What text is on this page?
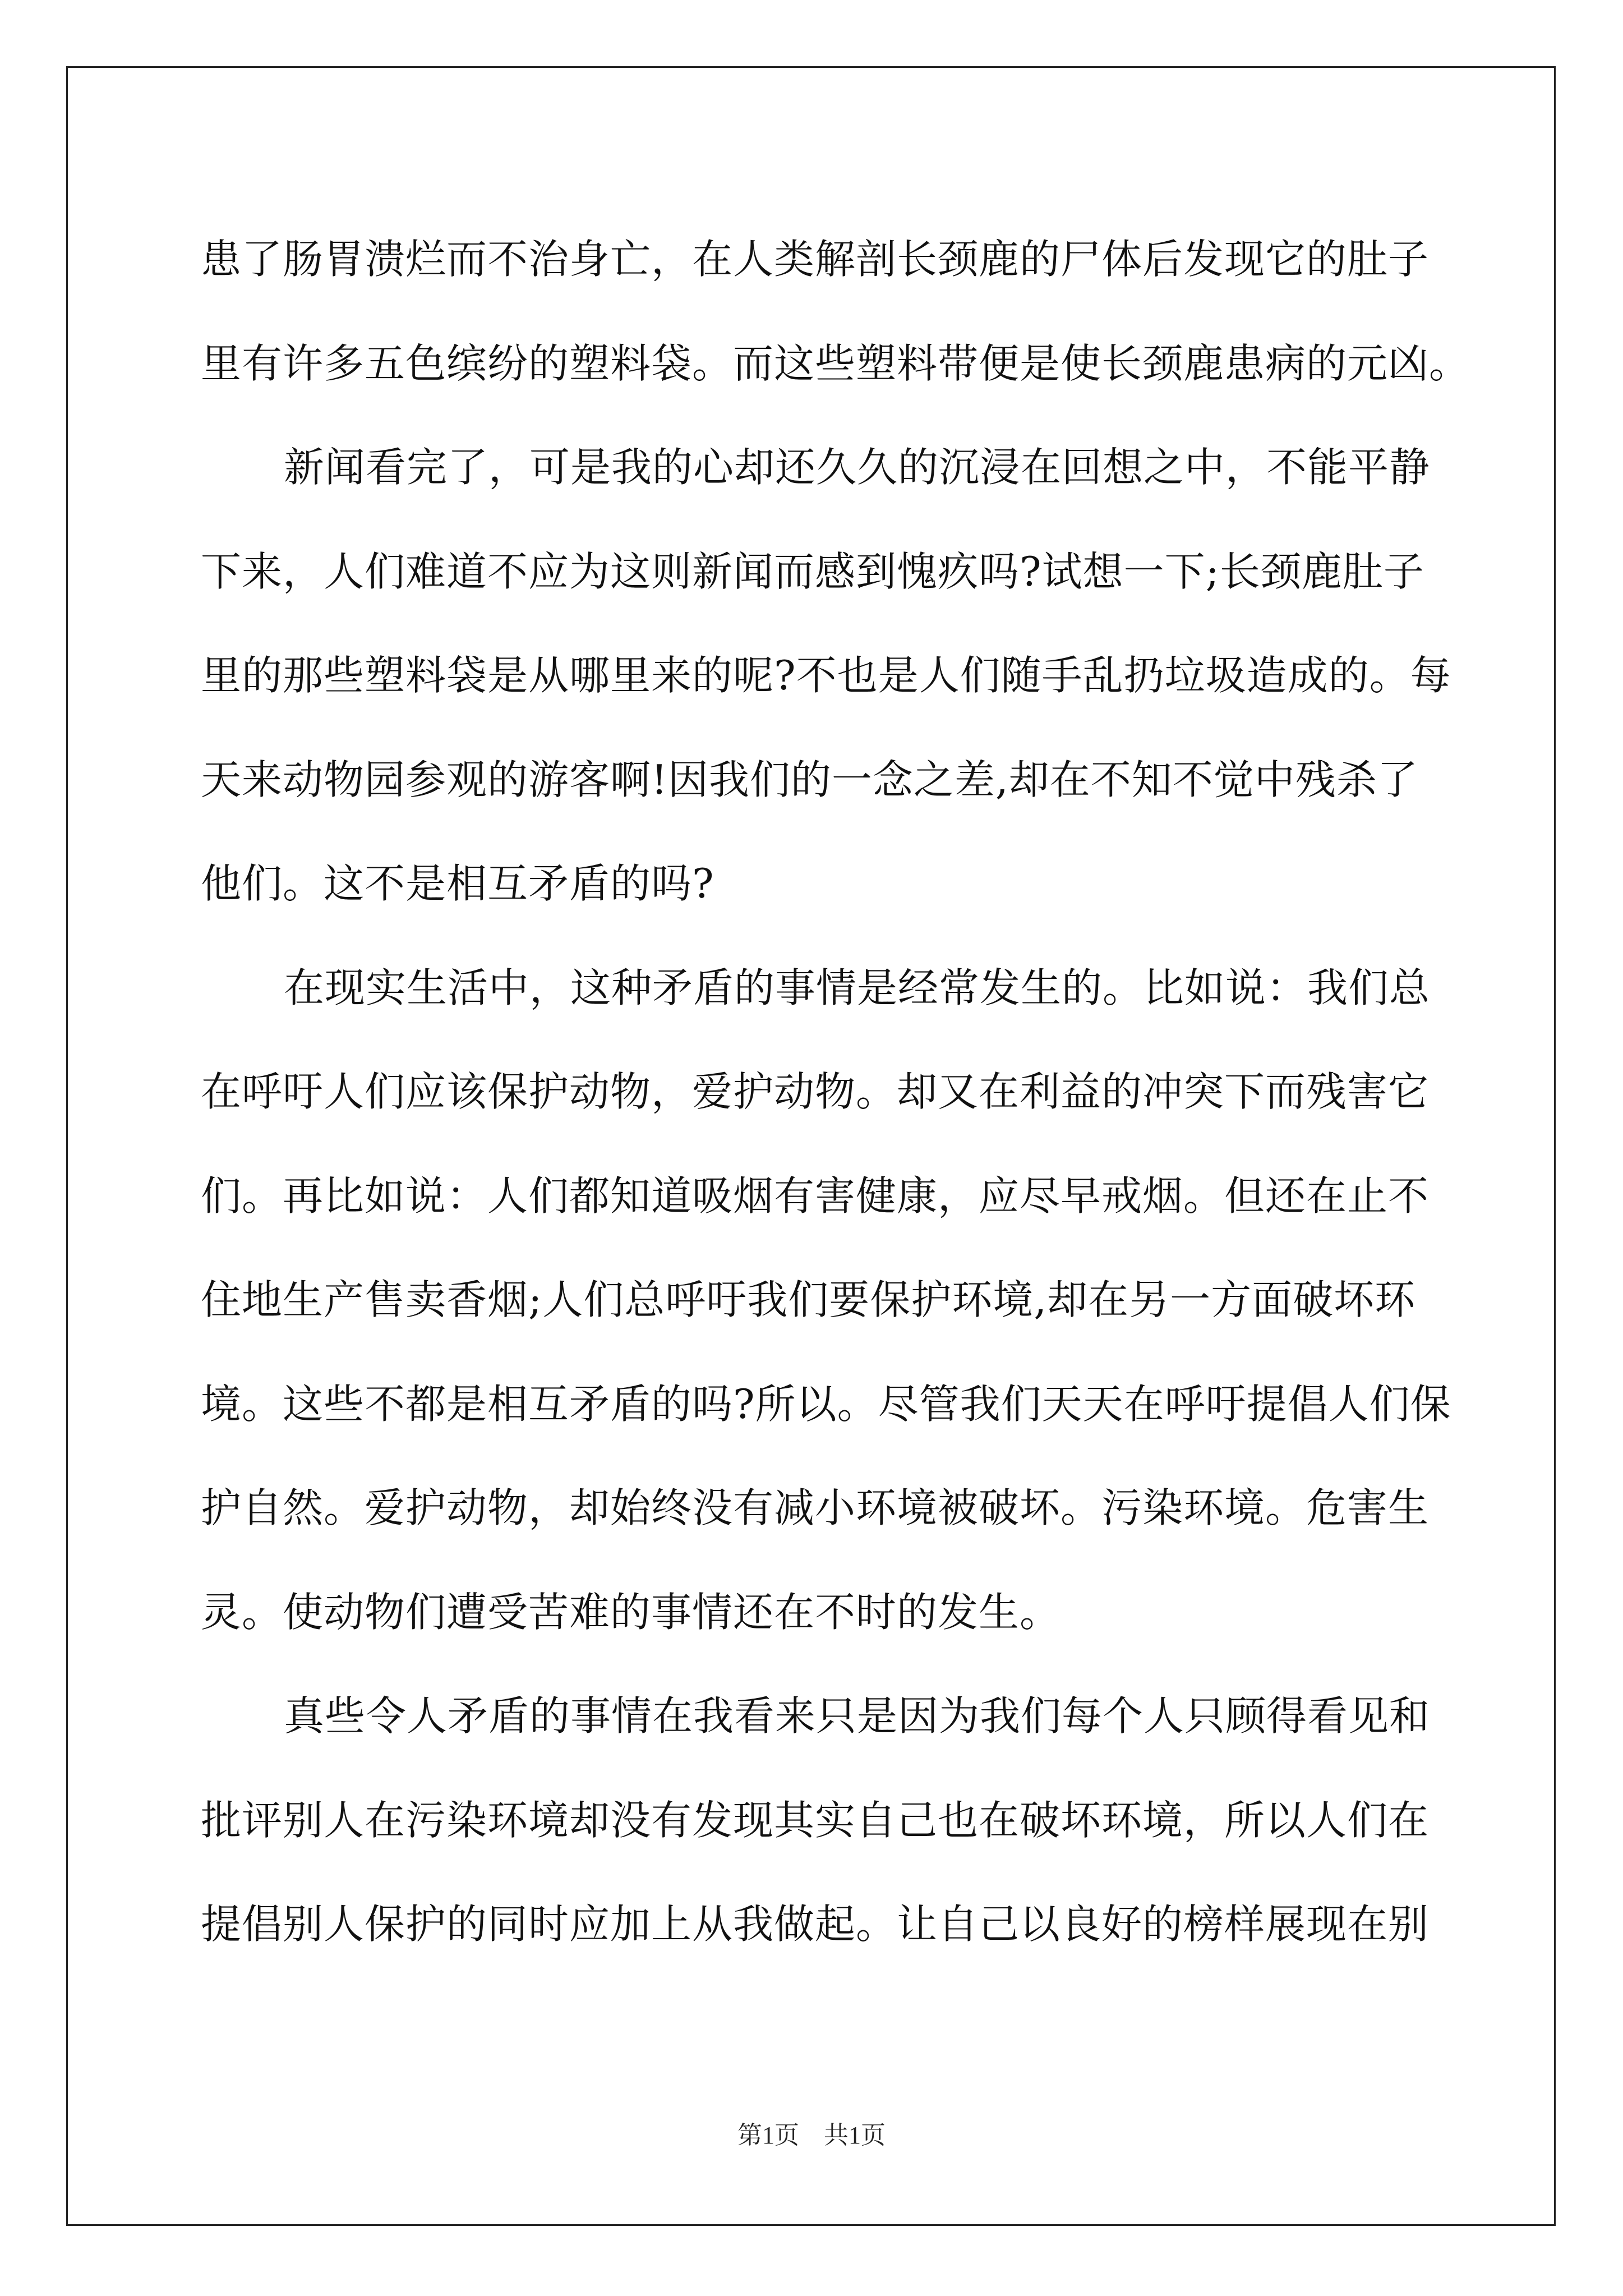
患了肠胃溃烂而不治身亡，在人类解剖长颈鹿的尸体后发现它的肚子
里有许多五色缤纷的塑料袋。而这些塑料带便是使长颈鹿患病的元凶。
新闻看完了，可是我的心却还久久的沉浸在回想之中，不能平静
下来，人们难道不应为这则新闻而感到愧疚吗?试想一下;长颈鹿肚子
里的那些塑料袋是从哪里来的呢?不也是人们随手乱扔垃圾造成的。每
天来动物园参观的游客啊!因我们的一念之差,却在不知不觉中残杀了
他们。这不是相互矛盾的吗?
在现实生活中，这种矛盾的事情是经常发生的。比如说：我们总
在呼吁人们应该保护动物，爱护动物。却又在利益的冲突下而残害它
们。再比如说：人们都知道吸烟有害健康，应尽早戒烟。但还在止不
住地生产售卖香烟;人们总呼吁我们要保护环境,却在另一方面破坏环
境。这些不都是相互矛盾的吗?所以。尽管我们天天在呼吁提倡人们保
护自然。爱护动物，却始终没有减小环境被破坏。污染环境。危害生
灵。使动物们遭受苦难的事情还在不时的发生。
真些令人矛盾的事情在我看来只是因为我们每个人只顾得看见和
批评别人在污染环境却没有发现其实自己也在破坏环境，所以人们在
提倡别人保护的同时应加上从我做起。让自己以良好的榜样展现在别
第1页　共1页
